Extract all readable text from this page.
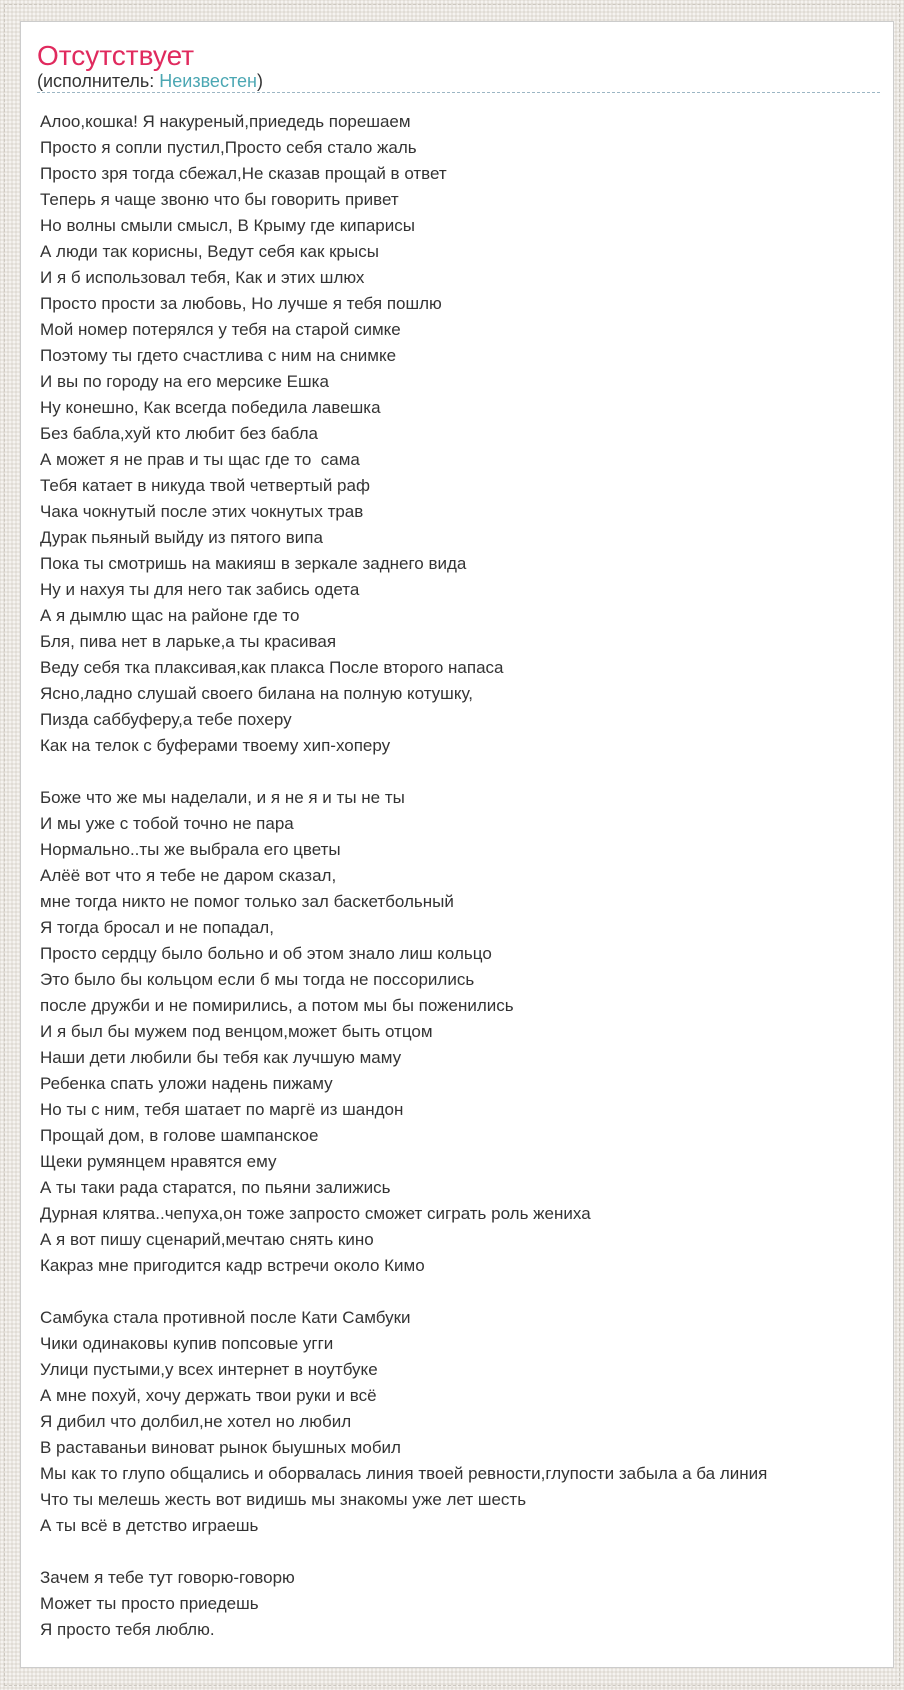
Отсутствует

(исполнитель: Неизвестен)

Алоо,кошка! Я накуреный,приедедь порешаем
Просто я сопли пустил,Просто себя стало жаль
Просто зря тогда сбежал,Не сказав прощай в ответ
Теперь я чаще звоню что бы говорить привет
Но волны смыли смысл, В Крыму где кипарисы
А люди так корисны, Ведут себя как крысы
И я б использовал тебя, Как и этих шлюх
Просто прости за любовь, Но лучше я тебя пошлю
Мой номер потерялся у тебя на старой симке
Поэтому ты гдето счастлива с ним на снимке
И вы по городу на его мерсике Ешка
Ну конешно, Как всегда победила лавешка
Без бабла,хуй кто любит без бабла
А может я не прав и ты щас где то  сама
Тебя катает в никуда твой четвертый раф
Чака чокнутый после этих чокнутых трав
Дурак пьяный выйду из пятого випа
Пока ты смотришь на макияш в зеркале заднего вида
Ну и нахуя ты для него так забись одета
А я дымлю щас на районе где то
Бля, пива нет в ларьке,а ты красивая
Веду себя тка плаксивая,как плакса После второго напаса
Ясно,ладно слушай своего билана на полную котушку,
Пизда саббуферу,а тебе похеру
Как на телок с буферами твоему хип-хоперу
Боже что же мы наделали, и я не я и ты не ты
И мы уже с тобой точно не пара
Нормально..ты же выбрала его цветы
Алёё вот что я тебе не даром сказал,
мне тогда никто не помог только зал баскетбольный
Я тогда бросал и не попадал,
Просто сердцу было больно и об этом знало лиш кольцо
Это было бы кольцом если б мы тогда не поссорились
после дружби и не помирились, а потом мы бы поженились
И я был бы мужем под венцом,может быть отцом
Наши дети любили бы тебя как лучшую маму
Ребенка спать уложи надень пижаму
Но ты с ним, тебя шатает по маргё из шандон
Прощай дом, в голове шампанское
Щеки румянцем нравятся ему
А ты таки рада старатся, по пьяни залижись
Дурная клятва..чепуха,он тоже запросто сможет сиграть роль жениха
А я вот пишу сценарий,мечтаю снять кино
Какраз мне пригодится кадр встречи около Кимо
Самбука стала противной после Кати Самбуки
Чики одинаковы купив попсовые угги
Улици пустыми,у всех интернет в ноутбуке
А мне похуй, хочу держать твои руки и всё
Я дибил что долбил,не хотел но любил
В раставаньи виноват рынок быушных мобил
Мы как то глупо общались и оборвалась линия твоей ревности,глупости забыла а ба линия
Что ты мелешь жесть вот видишь мы знакомы уже лет шесть
А ты всё в детство играешь
Зачем я тебе тут говорю-говорю
Может ты просто приедешь
Я просто тебя люблю.
